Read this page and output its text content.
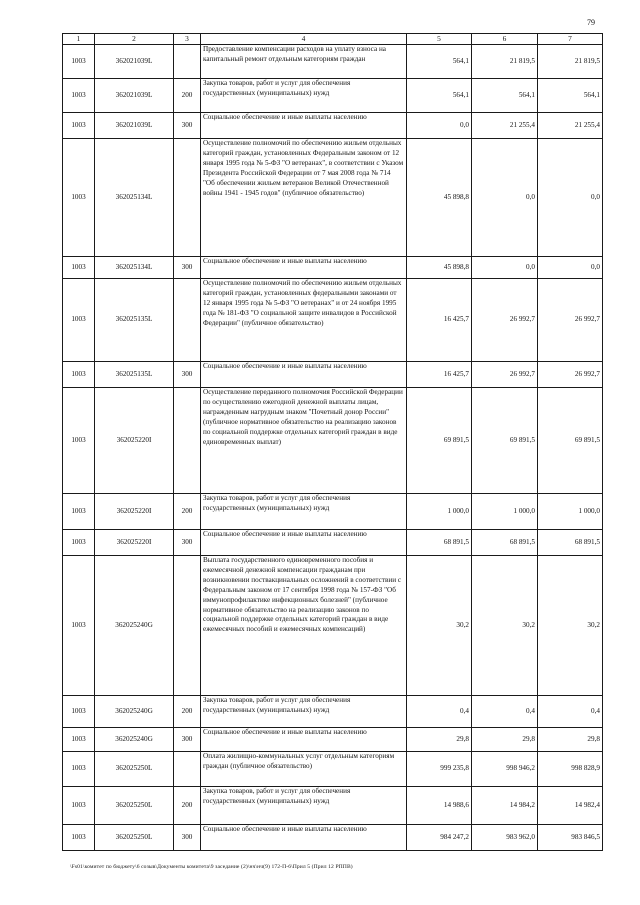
79
1	2	3	4	5	6	7
1003	362021039L		Предоставление компенсации расходов на уплату взноса на капитальный ремонт отдельным категориям граждан	564,1	21 819,5	21 819,5
1003	362021039L	200	Закупка товаров, работ и услуг для обеспечения государственных (муниципальных) нужд	564,1	564,1	564,1
1003	362021039L	300	Социальное обеспечение и иные выплаты населению	0,0	21 255,4	21 255,4
1003	362025134L		Осуществление полномочий по обеспечению жильем отдельных категорий граждан, установленных Федеральным законом от 12 января 1995 года № 5-ФЗ "О ветеранах", в соответствии с Указом Президента Российской Федерации от 7 мая 2008 года № 714 "Об обеспечении жильем ветеранов Великой Отечественной войны 1941 - 1945 годов" (публичное обязательство)	45 898,8	0,0	0,0
1003	362025134L	300	Социальное обеспечение и иные выплаты населению	45 898,8	0,0	0,0
1003	362025135L		Осуществление полномочий по обеспечению жильем отдельных категорий граждан, установленных федеральными законами от 12 января 1995 года № 5-ФЗ "О ветеранах" и от 24 ноября 1995 года № 181-ФЗ "О социальной защите инвалидов в Российской Федерации" (публичное обязательство)	16 425,7	26 992,7	26 992,7
1003	362025135L	300	Социальное обеспечение и иные выплаты населению	16 425,7	26 992,7	26 992,7
1003	362025220I		Осуществление переданного полномочия Российской Федерации по осуществлению ежегодной денежной выплаты лицам, награжденным нагрудным знаком "Почетный донор России" (публичное нормативное обязательство на реализацию законов по социальной поддержке отдельных категорий граждан в виде единовременных выплат)	69 891,5	69 891,5	69 891,5
1003	362025220I	200	Закупка товаров, работ и услуг для обеспечения государственных (муниципальных) нужд	1 000,0	1 000,0	1 000,0
1003	362025220I	300	Социальное обеспечение и иные выплаты населению	68 891,5	68 891,5	68 891,5
1003	362025240G		Выплата государственного единовременного пособия и ежемесячной денежной компенсации гражданам при возникновении поствакцинальных осложнений в соответствии с Федеральным законом от 17 сентября 1998 года № 157-ФЗ "Об иммунопрофилактике инфекционных болезней" (публичное нормативное обязательство на реализацию законов по социальной поддержке отдельных категорий граждан в виде ежемесячных пособий и ежемесячных компенсаций)	30,2	30,2	30,2
1003	362025240G	200	Закупка товаров, работ и услуг для обеспечения государственных (муниципальных) нужд	0,4	0,4	0,4
1003	362025240G	300	Социальное обеспечение и иные выплаты населению	29,8	29,8	29,8
1003	362025250L		Оплата жилищно-коммунальных услуг отдельным категориям граждан (публичное обязательство)	999 235,8	998 946,2	998 828,9
1003	362025250L	200	Закупка товаров, работ и услуг для обеспечения государственных (муниципальных) нужд	14 988,6	14 984,2	14 982,4
1003	362025250L	300	Социальное обеспечение и иные выплаты населению	984 247,2	983 962,0	983 846,5
\Fs01\комитет по бюджету\6 созыв\Документы комитета\9 заседание (2)\нч\нч(9) 172-П-6\Прил 5 (Прил 12 РППВ)
